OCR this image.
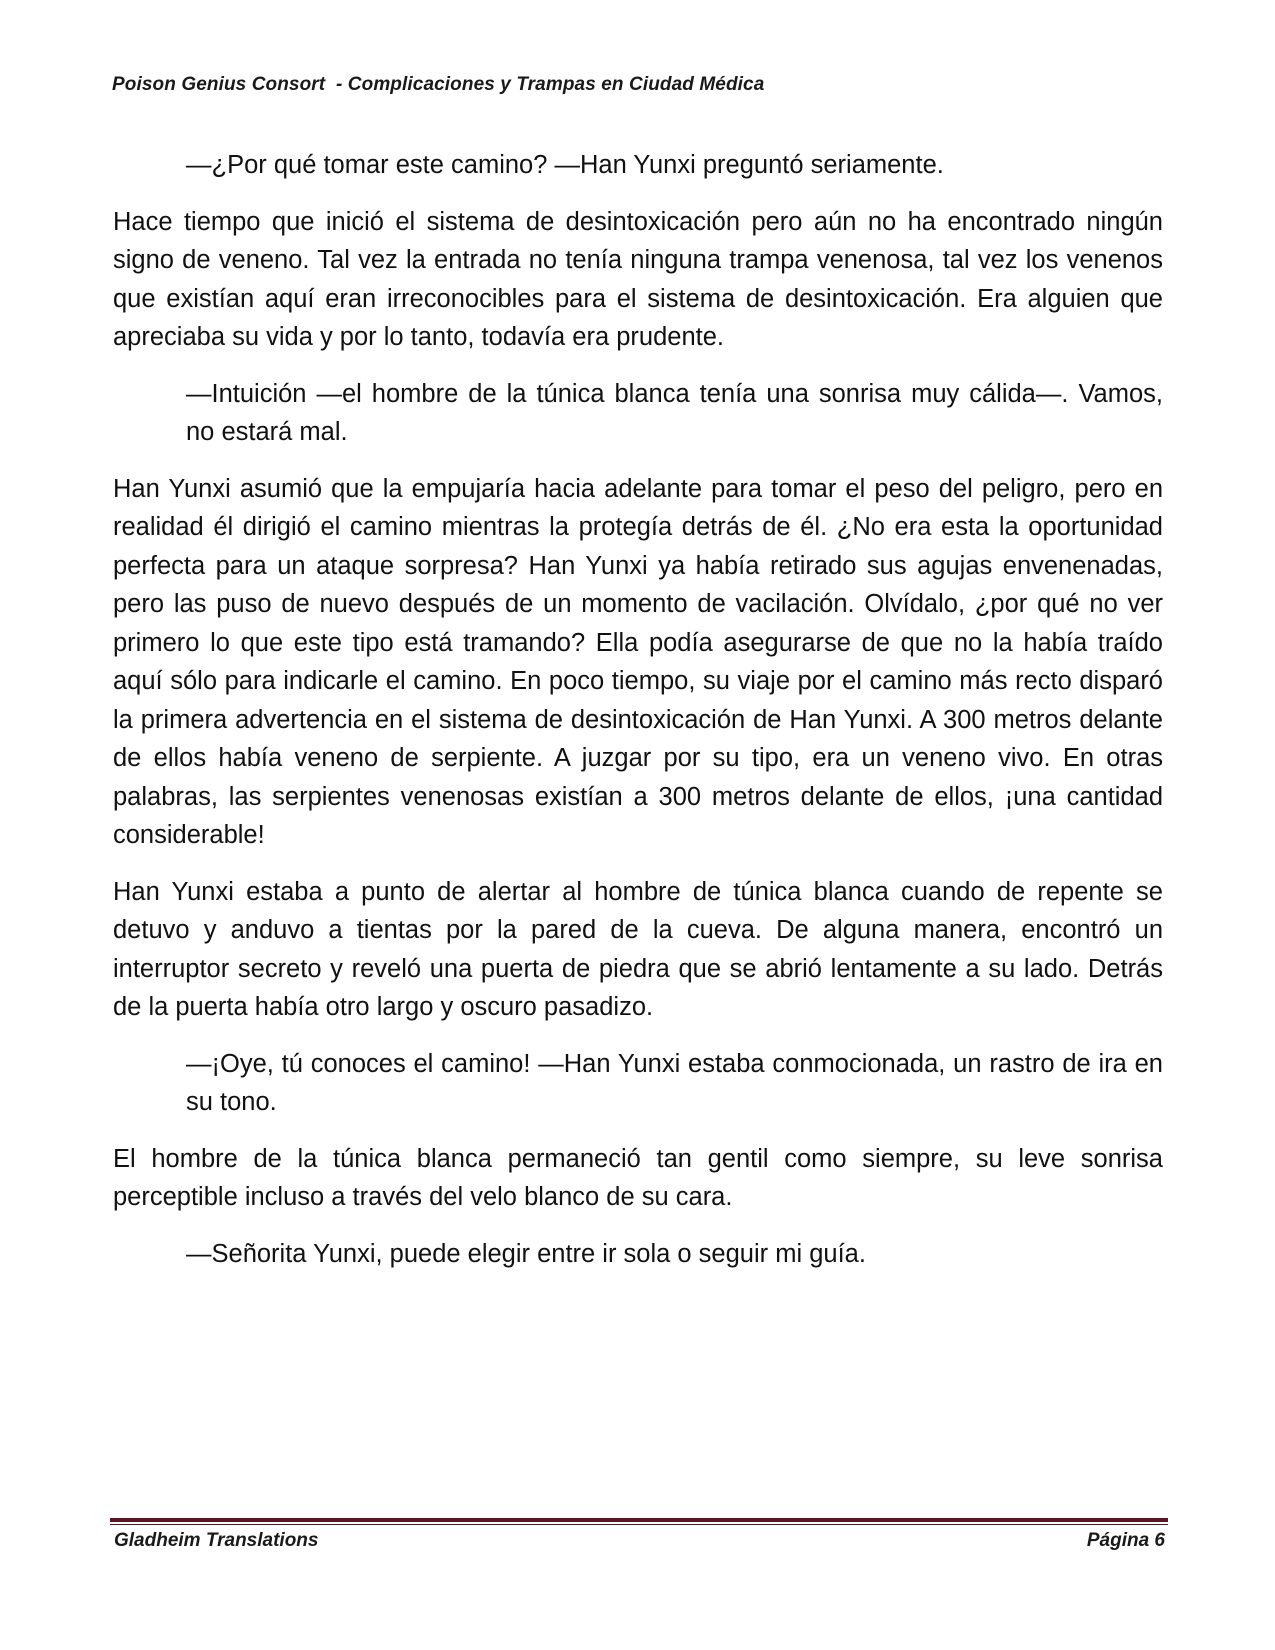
Poison Genius Consort  - Complicaciones y Trampas en Ciudad Médica

—¿Por qué tomar este camino? —Han Yunxi preguntó seriamente.

Hace tiempo que inició el sistema de desintoxicación pero aún no ha encontrado ningún signo de veneno. Tal vez la entrada no tenía ninguna trampa venenosa, tal vez los venenos que existían aquí eran irreconocibles para el sistema de desintoxicación. Era alguien que apreciaba su vida y por lo tanto, todavía era prudente.

—Intuición —el hombre de la túnica blanca tenía una sonrisa muy cálida—. Vamos, no estará mal.

Han Yunxi asumió que la empujaría hacia adelante para tomar el peso del peligro, pero en realidad él dirigió el camino mientras la protegía detrás de él. ¿No era esta la oportunidad perfecta para un ataque sorpresa? Han Yunxi ya había retirado sus agujas envenenadas, pero las puso de nuevo después de un momento de vacilación. Olvídalo, ¿por qué no ver primero lo que este tipo está tramando? Ella podía asegurarse de que no la había traído aquí sólo para indicarle el camino. En poco tiempo, su viaje por el camino más recto disparó la primera advertencia en el sistema de desintoxicación de Han Yunxi. A 300 metros delante de ellos había veneno de serpiente. A juzgar por su tipo, era un veneno vivo. En otras palabras, las serpientes venenosas existían a 300 metros delante de ellos, ¡una cantidad considerable!

Han Yunxi estaba a punto de alertar al hombre de túnica blanca cuando de repente se detuvo y anduvo a tientas por la pared de la cueva. De alguna manera, encontró un interruptor secreto y reveló una puerta de piedra que se abrió lentamente a su lado. Detrás de la puerta había otro largo y oscuro pasadizo.

—¡Oye, tú conoces el camino! —Han Yunxi estaba conmocionada, un rastro de ira en su tono.

El hombre de la túnica blanca permaneció tan gentil como siempre, su leve sonrisa perceptible incluso a través del velo blanco de su cara.

—Señorita Yunxi, puede elegir entre ir sola o seguir mi guía.

Gladheim Translations	Página 6
